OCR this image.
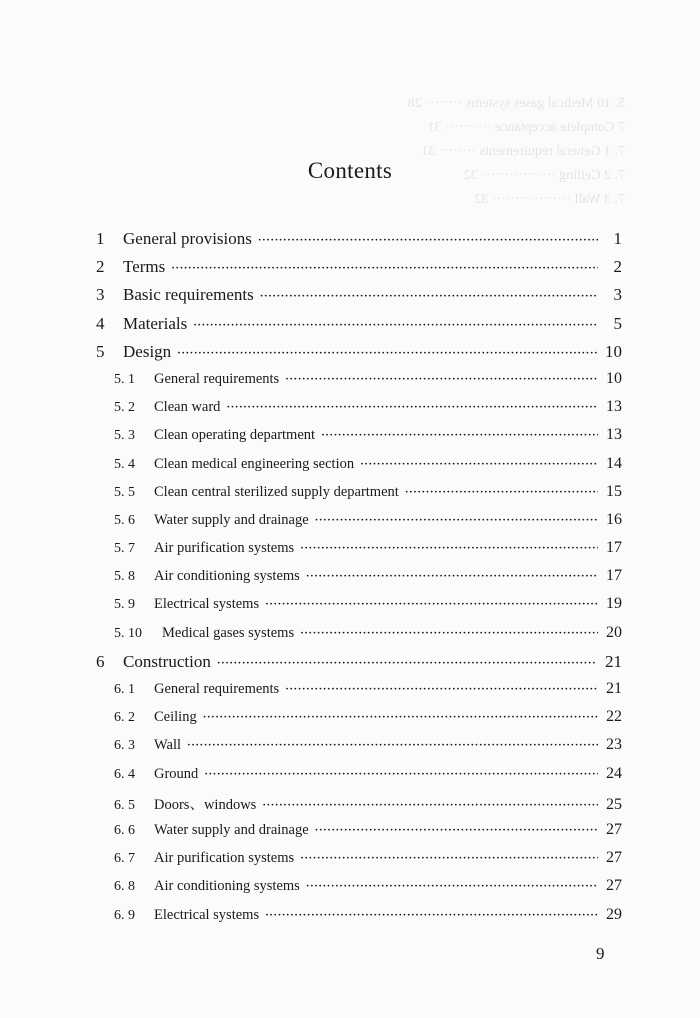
5. 10 Medical gases systems ········ 28
7 Complete acceptance ·········· 31
7. 1 General requirements ········ 31
7. 2 Ceiling ················ 32
7. 3 Wall ················· 32
Contents
1	General provisions ·····	1
2	Terms ·····	2
3	Basic requirements ·····	3
4	Materials ·····	5
5	Design ·····	10
5. 1	General requirements ·····	10
5. 2	Clean ward ·····	13
5. 3	Clean operating department ·····	13
5. 4	Clean medical engineering section ·····	14
5. 5	Clean central sterilized supply department ·····	15
5. 6	Water supply and drainage ·····	16
5. 7	Air purification systems ·····	17
5. 8	Air conditioning systems ·····	17
5. 9	Electrical systems ·····	19
5. 10	Medical gases systems ·····	20
6	Construction ·····	21
6. 1	General requirements ·····	21
6. 2	Ceiling ·····	22
6. 3	Wall ·····	23
6. 4	Ground ·····	24
6. 5	Doors、windows ·····	25
6. 6	Water supply and drainage ·····	27
6. 7	Air purification systems ·····	27
6. 8	Air conditioning systems ·····	27
6. 9	Electrical systems ·····	29
9
